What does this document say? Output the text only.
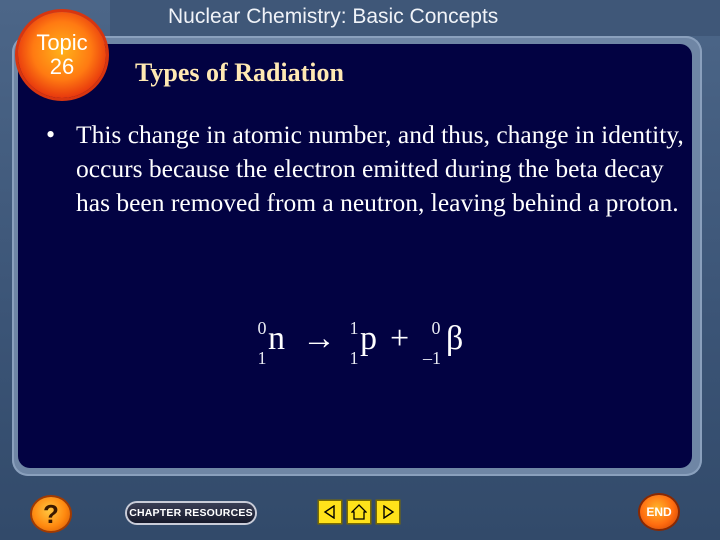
Topic
26
Nuclear Chemistry: Basic Concepts
Types of Radiation
• This change in atomic number, and thus, change in identity, occurs because the electron emitted during the beta decay has been removed from a neutron, leaving behind a proton.
0
1
n → 1
1
p +	0
–1
β
?	CHAPTER RESOURCES	END
